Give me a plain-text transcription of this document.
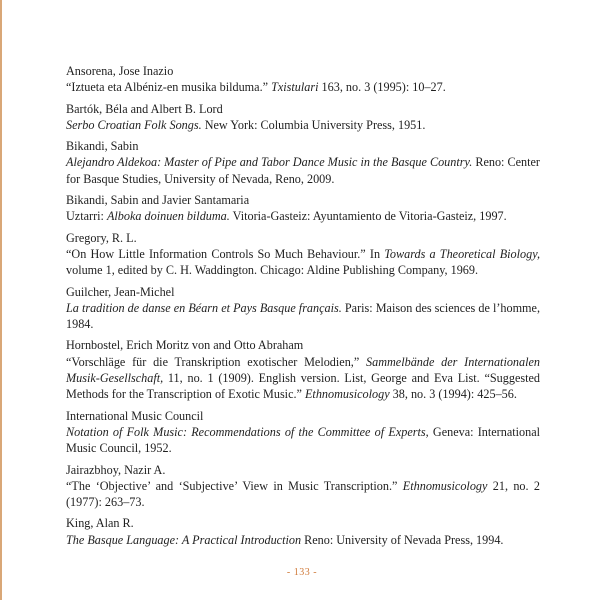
Ansorena, Jose Inazio
“Iztueta eta Albéniz-en musika bilduma.” Txistulari 163, no. 3 (1995): 10–27.
Bartók, Béla and Albert B. Lord
Serbo Croatian Folk Songs. New York: Columbia University Press, 1951.
Bikandi, Sabin
Alejandro Aldekoa: Master of Pipe and Tabor Dance Music in the Basque Country. Reno: Center for Basque Studies, University of Nevada, Reno, 2009.
Bikandi, Sabin and Javier Santamaria
Uztarri: Alboka doinuen bilduma. Vitoria-Gasteiz: Ayuntamiento de Vitoria-Gasteiz, 1997.
Gregory, R. L.
“On How Little Information Controls So Much Behaviour.” In Towards a Theoretical Biology, volume 1, edited by C. H. Waddington. Chicago: Aldine Publishing Company, 1969.
Guilcher, Jean-Michel
La tradition de danse en Béarn et Pays Basque français. Paris: Maison des sciences de l’homme, 1984.
Hornbostel, Erich Moritz von and Otto Abraham
“Vorschläge für die Transkription exotischer Melodien,” Sammelbände der Internationalen Musik-Gesellschaft, 11, no. 1 (1909). English version. List, George and Eva List. “Suggested Methods for the Transcription of Exotic Music.” Ethnomusicology 38, no. 3 (1994): 425–56.
International Music Council
Notation of Folk Music: Recommendations of the Committee of Experts, Geneva: International Music Council, 1952.
Jairazbhoy, Nazir A.
“The ‘Objective’ and ‘Subjective’ View in Music Transcription.” Ethnomusicology 21, no. 2 (1977): 263–73.
King, Alan R.
The Basque Language: A Practical Introduction Reno: University of Nevada Press, 1994.
- 133 -
